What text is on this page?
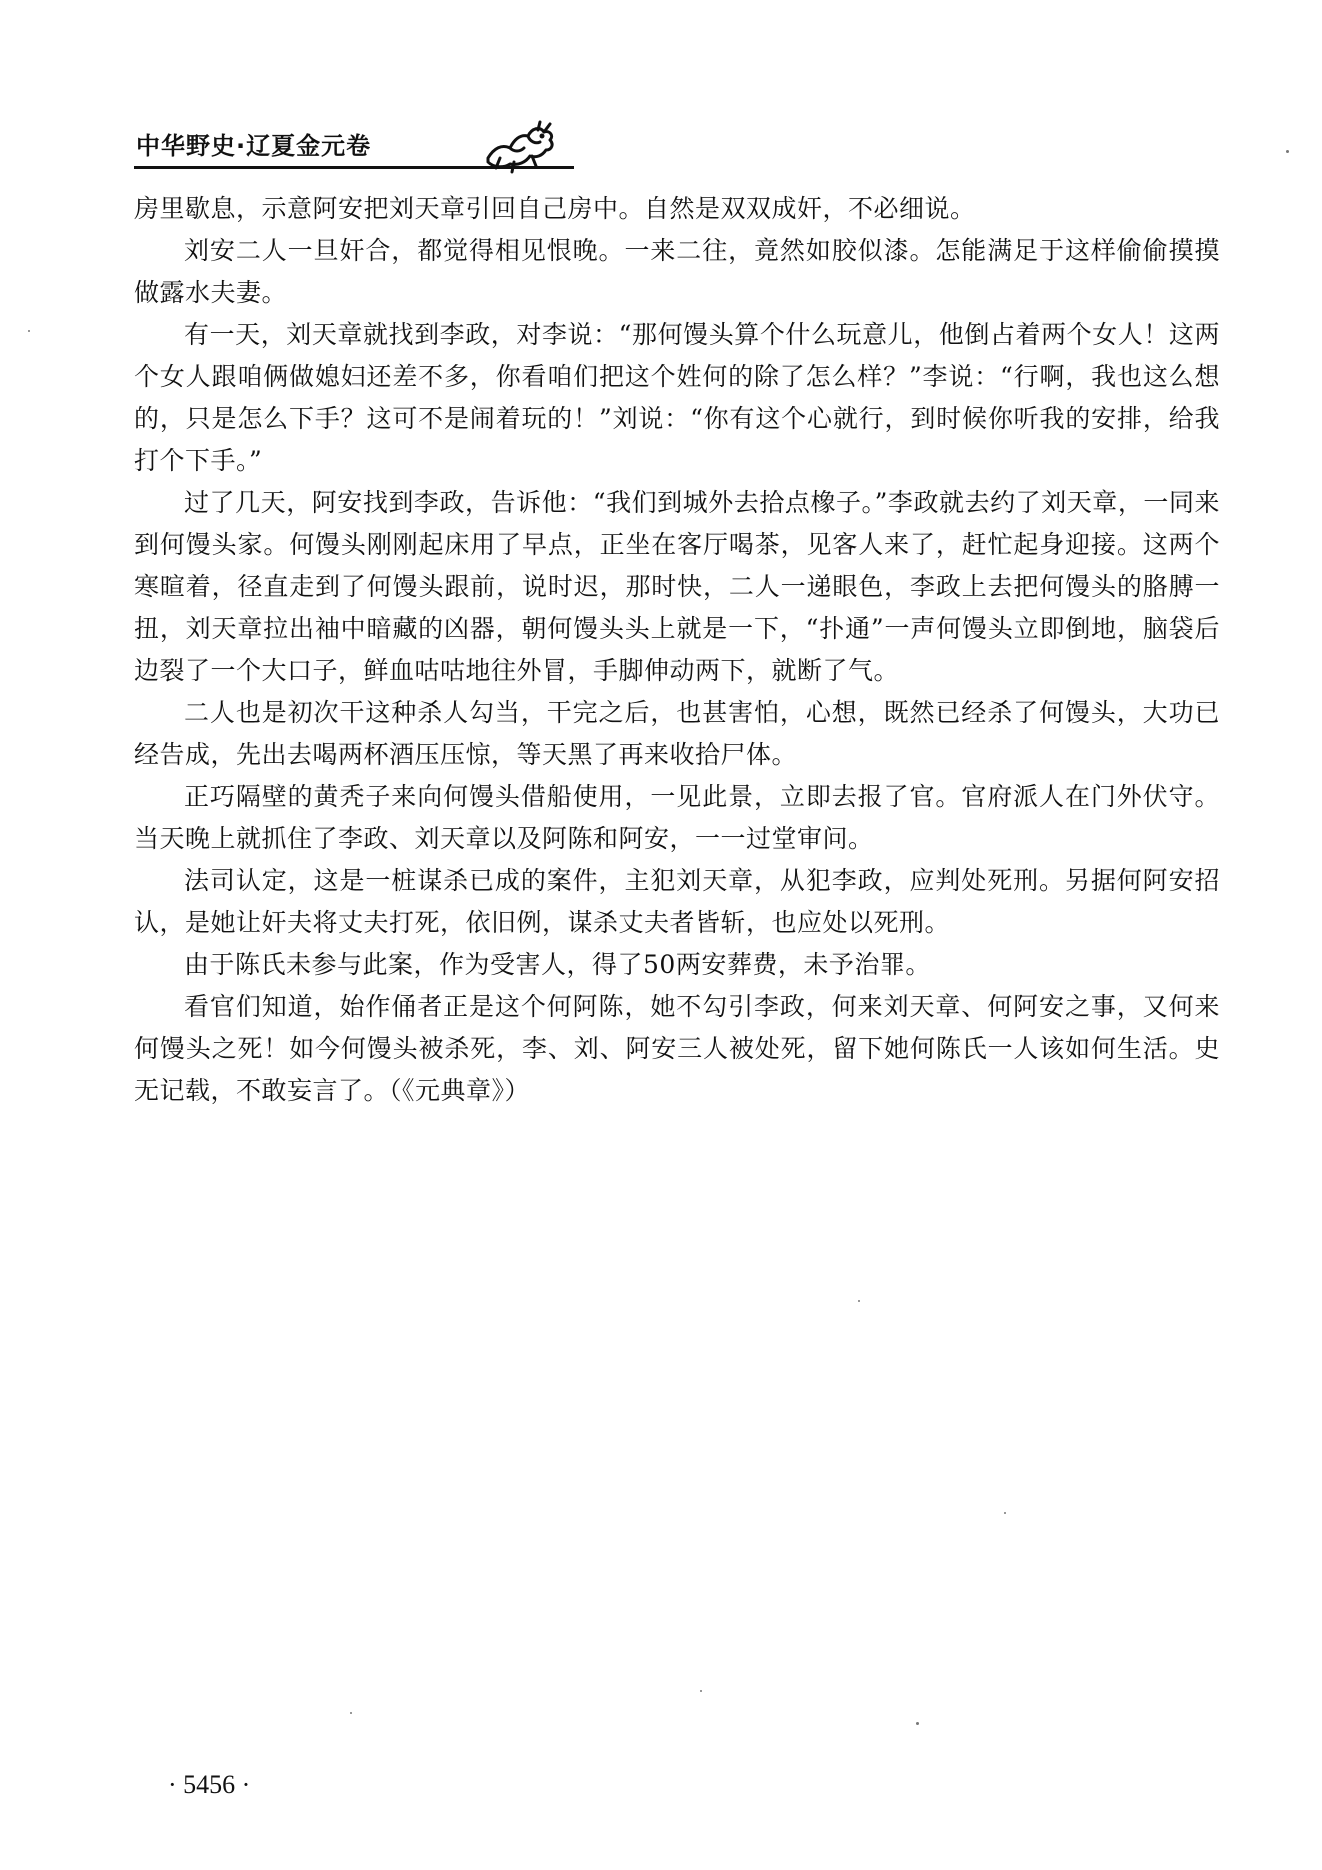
中华野史·辽夏金元卷

房里歇息，示意阿安把刘天章引回自己房中。自然是双双成奸，不必细说。

刘安二人一旦奸合，都觉得相见恨晚。一来二往，竟然如胶似漆。怎能满足于这样偷偷摸摸做露水夫妻。

有一天，刘天章就找到李政，对李说：“那何馒头算个什么玩意儿，他倒占着两个女人！这两个女人跟咱俩做媳妇还差不多，你看咱们把这个姓何的除了怎么样？”李说：“行啊，我也这么想的，只是怎么下手？这可不是闹着玩的！”刘说：“你有这个心就行，到时候你听我的安排，给我打个下手。”

过了几天，阿安找到李政，告诉他：“我们到城外去拾点橡子。”李政就去约了刘天章，一同来到何馒头家。何馒头刚刚起床用了早点，正坐在客厅喝茶，见客人来了，赶忙起身迎接。这两个寒暄着，径直走到了何馒头跟前，说时迟，那时快，二人一递眼色，李政上去把何馒头的胳膊一扭，刘天章拉出袖中暗藏的凶器，朝何馒头头上就是一下，“扑通”一声何馒头立即倒地，脑袋后边裂了一个大口子，鲜血咕咕地往外冒，手脚伸动两下，就断了气。

二人也是初次干这种杀人勾当，干完之后，也甚害怕，心想，既然已经杀了何馒头，大功已经告成，先出去喝两杯酒压压惊，等天黑了再来收拾尸体。

正巧隔壁的黄秃子来向何馒头借船使用，一见此景，立即去报了官。官府派人在门外伏守。当天晚上就抓住了李政、刘天章以及阿陈和阿安，一一过堂审问。

法司认定，这是一桩谋杀已成的案件，主犯刘天章，从犯李政，应判处死刑。另据何阿安招认，是她让奸夫将丈夫打死，依旧例，谋杀丈夫者皆斩，也应处以死刑。

由于陈氏未参与此案，作为受害人，得了50两安葬费，未予治罪。

看官们知道，始作俑者正是这个何阿陈，她不勾引李政，何来刘天章、何阿安之事，又何来何馒头之死！如今何馒头被杀死，李、刘、阿安三人被处死，留下她何陈氏一人该如何生活。史无记载，不敢妄言了。（《元典章》）

· 5456 ·
